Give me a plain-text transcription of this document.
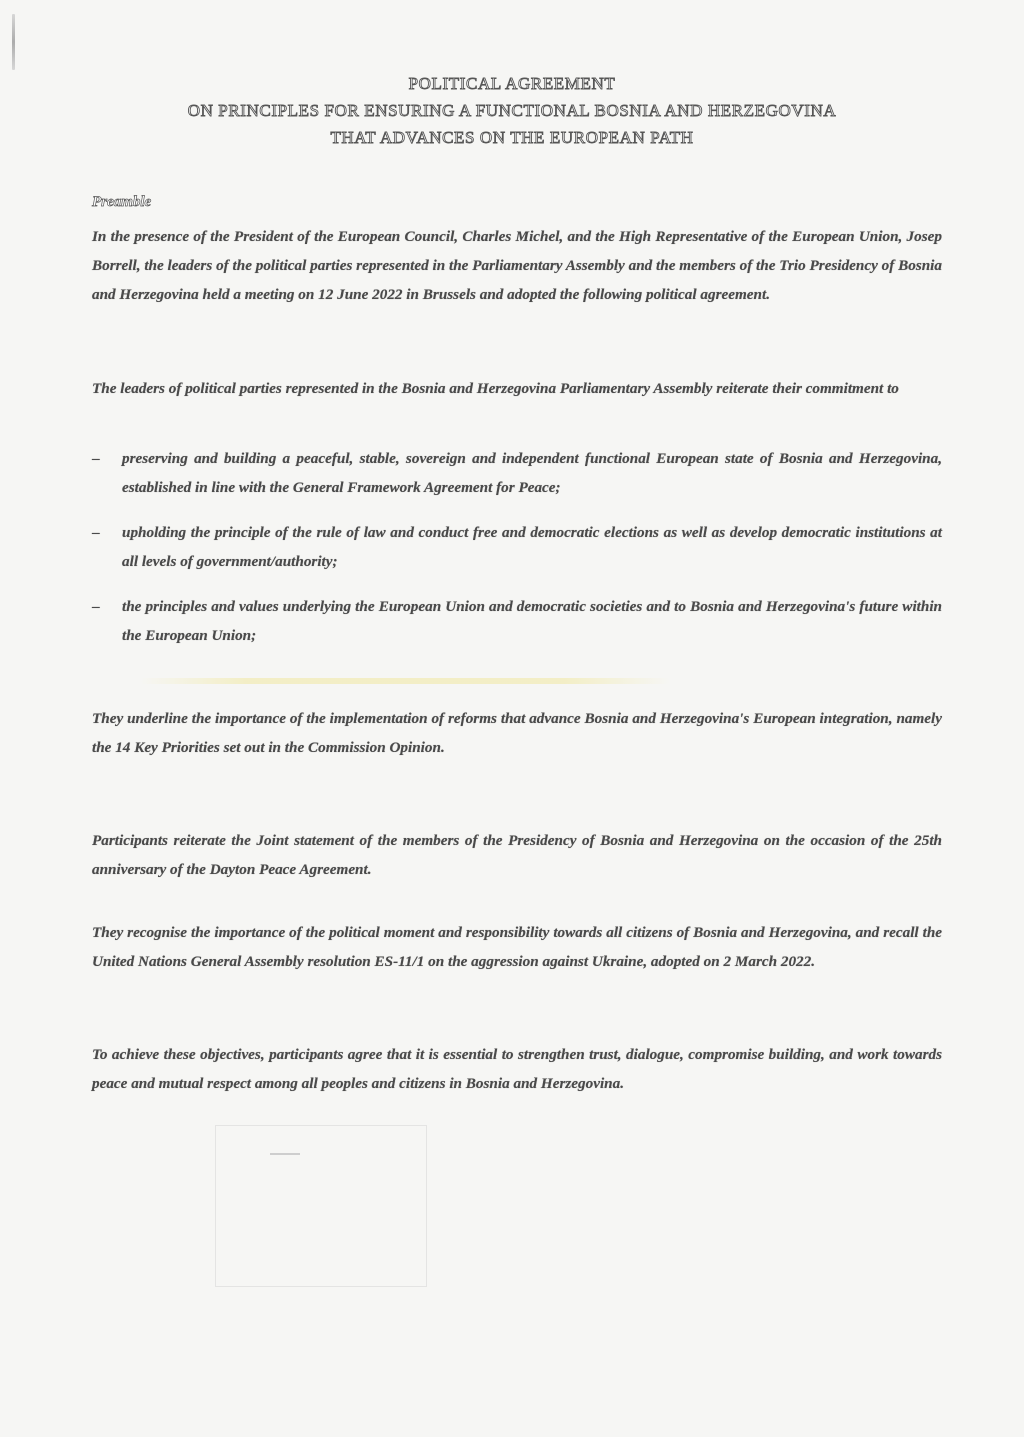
POLITICAL AGREEMENT
ON PRINCIPLES FOR ENSURING A FUNCTIONAL BOSNIA AND HERZEGOVINA
THAT ADVANCES ON THE EUROPEAN PATH
Preamble
In the presence of the President of the European Council, Charles Michel, and the High Representative of the European Union, Josep Borrell, the leaders of the political parties represented in the Parliamentary Assembly and the members of the Trio Presidency of Bosnia and Herzegovina held a meeting on 12 June 2022 in Brussels and adopted the following political agreement.
The leaders of political parties represented in the Bosnia and Herzegovina Parliamentary Assembly reiterate their commitment to
– preserving and building a peaceful, stable, sovereign and independent functional European state of Bosnia and Herzegovina, established in line with the General Framework Agreement for Peace;
– upholding the principle of the rule of law and conduct free and democratic elections as well as develop democratic institutions at all levels of government/authority;
– the principles and values underlying the European Union and democratic societies and to Bosnia and Herzegovina's future within the European Union;
They underline the importance of the implementation of reforms that advance Bosnia and Herzegovina's European integration, namely the 14 Key Priorities set out in the Commission Opinion.
Participants reiterate the Joint statement of the members of the Presidency of Bosnia and Herzegovina on the occasion of the 25th anniversary of the Dayton Peace Agreement.
They recognise the importance of the political moment and responsibility towards all citizens of Bosnia and Herzegovina, and recall the United Nations General Assembly resolution ES-11/1 on the aggression against Ukraine, adopted on 2 March 2022.
To achieve these objectives, participants agree that it is essential to strengthen trust, dialogue, compromise building, and work towards peace and mutual respect among all peoples and citizens in Bosnia and Herzegovina.
